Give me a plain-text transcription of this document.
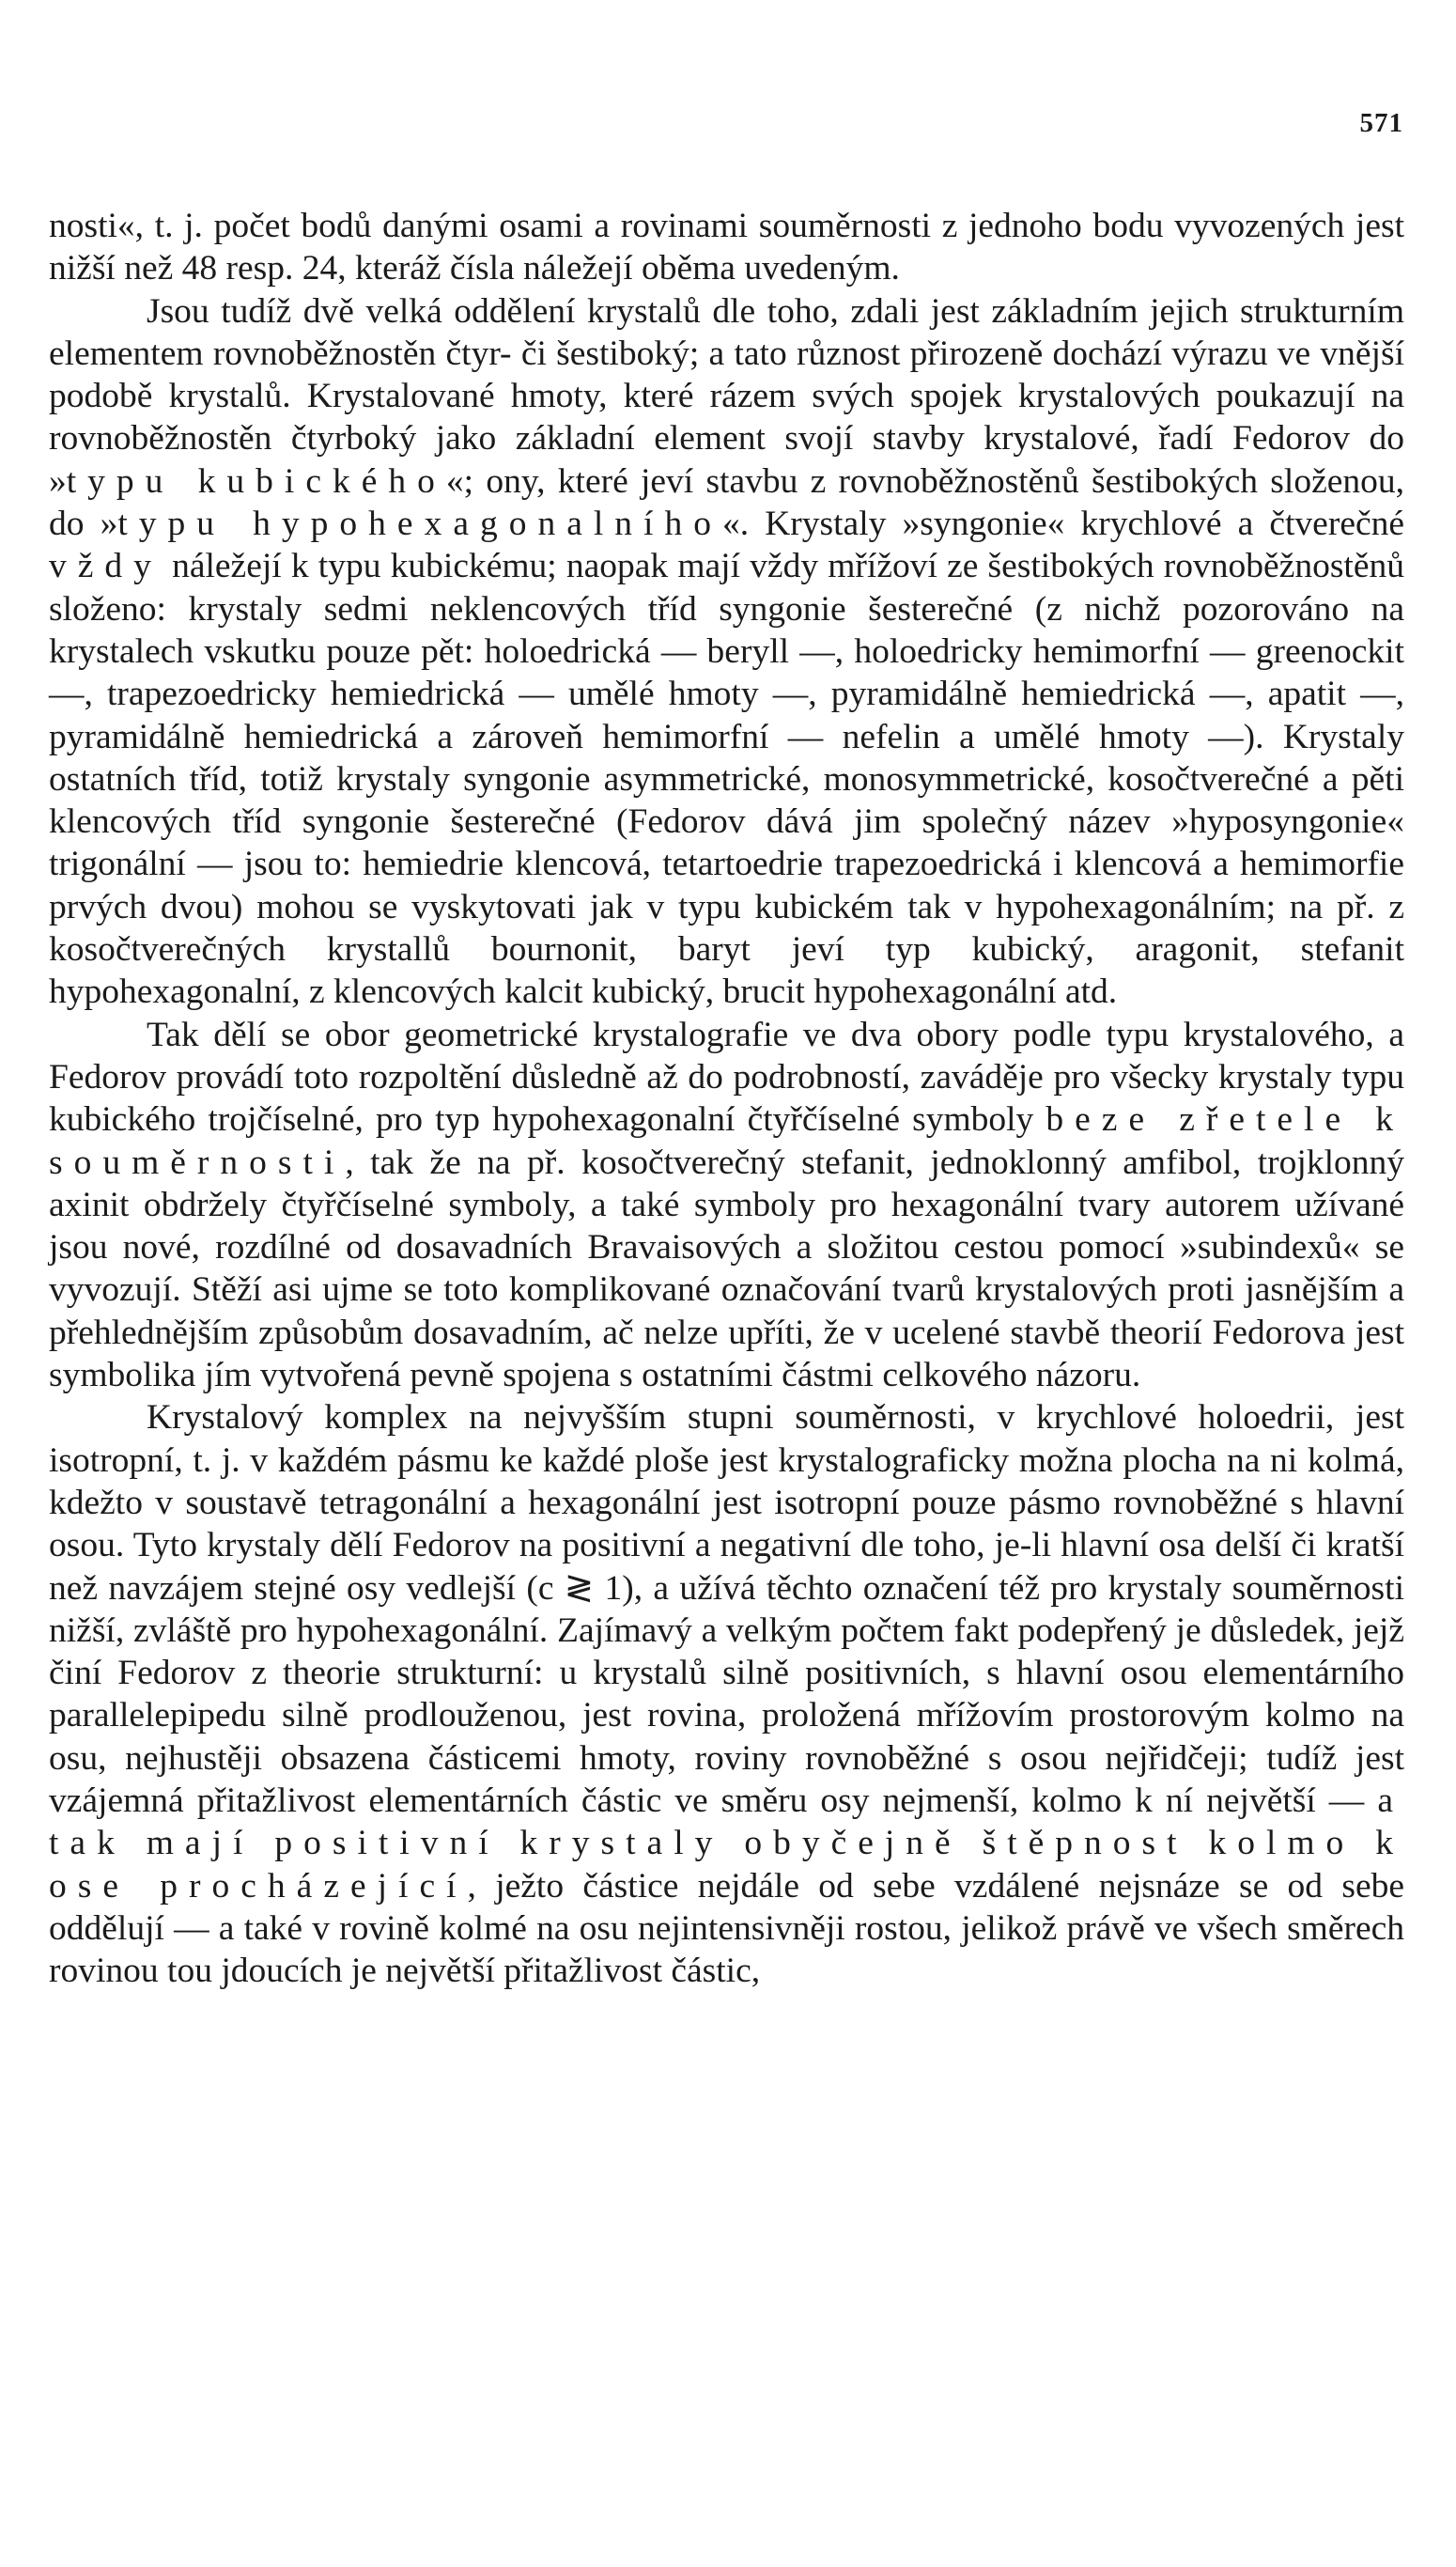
571

nosti«, t. j. počet bodů danými osami a rovinami souměrnosti z jednoho bodu vyvozených jest nižší než 48 resp. 24, kteráž čísla náležejí oběma uvedeným.

Jsou tudíž dvě velká oddělení krystalů dle toho, zdali jest základním jejich strukturním elementem rovnoběžnostěn čtyr- či šestiboký; a tato různost přirozeně dochází výrazu ve vnější podobě krystalů. Krystalované hmoty, které rázem svých spojek krystalových poukazují na rovnoběžnostěn čtyrboký jako základní element svojí stavby krystalové, řadí Fedorov do »typu kubického«; ony, které jeví stavbu z rovnoběžnostěnů šestibokých složenou, do »typu hypohexagonalního«. Krystaly »syngonie« krychlové a čtverečné vždy náležejí k typu kubickému; naopak mají vždy mřížoví ze šestibokých rovnoběžnostěnů složeno: krystaly sedmi neklencových tříd syngonie šesterečné (z nichž pozorováno na krystalech vskutku pouze pět: holoedrická — beryll —, holoedricky hemimorfní — greenockit —, trapezoedricky hemiedrická — umělé hmoty —, pyramidálně hemiedrická —, apatit —, pyramidálně hemiedrická a zároveň hemimorfní — nefelin a umělé hmoty —). Krystaly ostatních tříd, totiž krystaly syngonie asymmetrické, monosymmetrické, kosočtverečné a pěti klencových tříd syngonie šesterečné (Fedorov dává jim společný název »hyposyngonie« trigonální — jsou to: hemiedrie klencová, tetartoedrie trapezoedrická i klencová a hemimorfie prvých dvou) mohou se vyskytovati jak v typu kubickém tak v hypohexagonálním; na př. z kosočtverečných krystallů bournonit, baryt jeví typ kubický, aragonit, stefanit hypohexagonalní, z klencových kalcit kubický, brucit hypohexagonální atd.

Tak dělí se obor geometrické krystalografie ve dva obory podle typu krystalového, a Fedorov provádí toto rozpoltění důsledně až do podrobností, zaváděje pro všecky krystaly typu kubického trojčíselné, pro typ hypohexagonalní čtyřčíselné symboly beze zřetele k souměrnosti, tak že na př. kosočtverečný stefanit, jednoklonný amfibol, trojklonný axinit obdržely čtyřčíselné symboly, a také symboly pro hexagonální tvary autorem užívané jsou nové, rozdílné od dosavadních Bravaisových a složitou cestou pomocí »subindexů« se vyvozují. Stěží asi ujme se toto komplikované označování tvarů krystalových proti jasnějším a přehlednějším způsobům dosavadním, ač nelze upříti, že v ucelené stavbě theorií Fedorova jest symbolika jím vytvořená pevně spojena s ostatními částmi celkového názoru.

Krystalový komplex na nejvyšším stupni souměrnosti, v krychlové holoedrii, jest isotropní, t. j. v každém pásmu ke každé ploše jest krystalograficky možna plocha na ni kolmá, kdežto v soustavě tetragonální a hexagonální jest isotropní pouze pásmo rovnoběžné s hlavní osou. Tyto krystaly dělí Fedorov na positivní a negativní dle toho, je-li hlavní osa delší či kratší než navzájem stejné osy vedlejší (c ≷ 1), a užívá těchto označení též pro krystaly souměrnosti nižší, zvláště pro hypohexagonální. Zajímavý a velkým počtem fakt podepřený je důsledek, jejž činí Fedorov z theorie strukturní: u krystalů silně positivních, s hlavní osou elementárního parallelepipedu silně prodlouženou, jest rovina, proložená mřížovím prostorovým kolmo na osu, nejhustěji obsazena částicemi hmoty, roviny rovnoběžné s osou nejřidčeji; tudíž jest vzájemná přitažlivost elementárních částic ve směru osy nejmenší, kolmo k ní největší — a tak mají positivní krystaly obyčejně štěpnost kolmo k ose procházející, ježto částice nejdále od sebe vzdálené nejsnáze se od sebe oddělují — a také v rovině kolmé na osu nejintensivněji rostou, jelikož právě ve všech směrech rovinou tou jdoucích je největší přitažlivost částic,
